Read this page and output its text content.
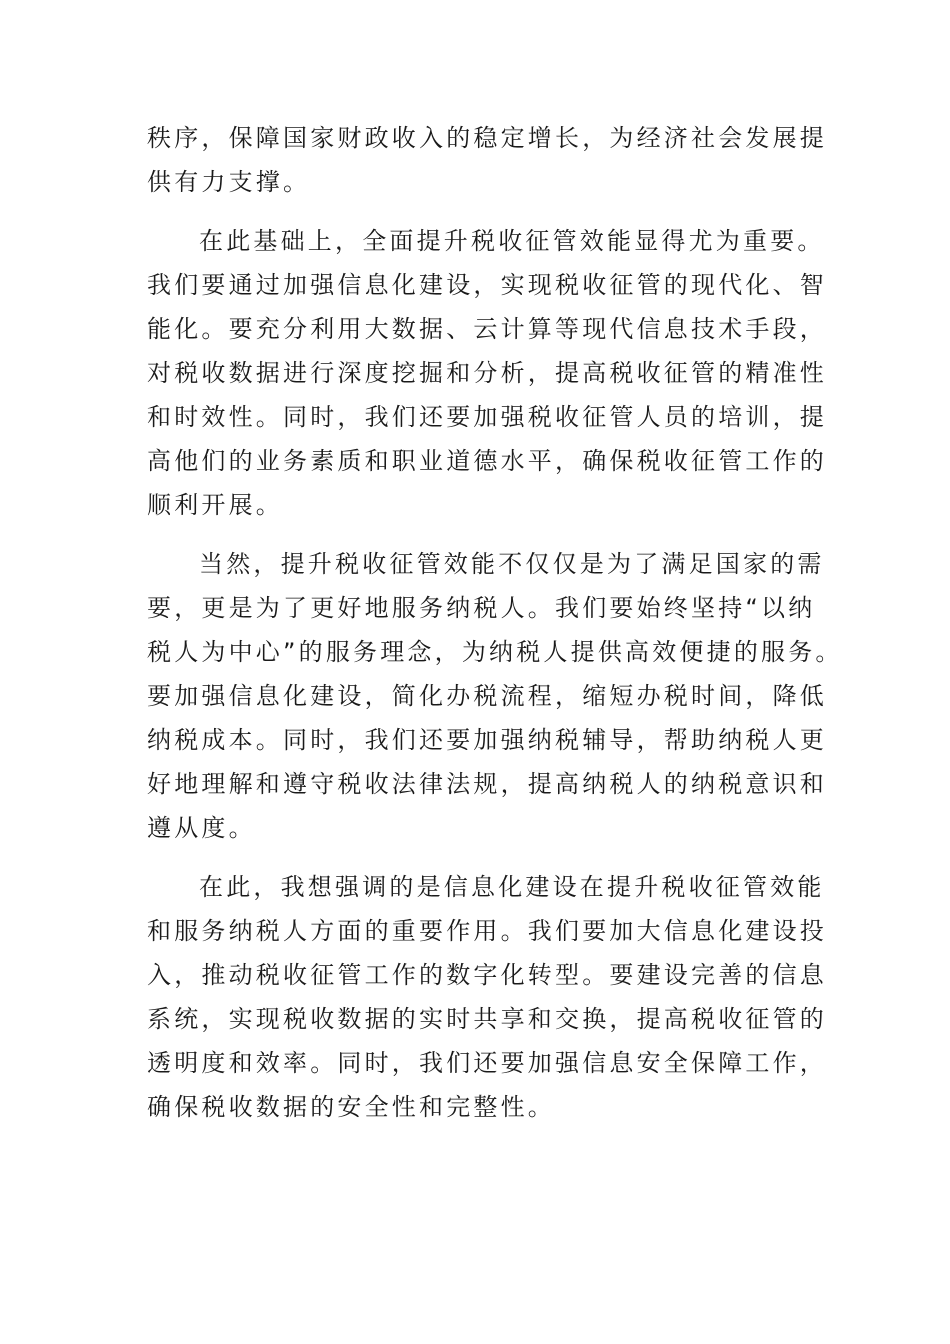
秩序，保障国家财政收入的稳定增长，为经济社会发展提
供有力支撑。
在此基础上，全面提升税收征管效能显得尤为重要。
我们要通过加强信息化建设，实现税收征管的现代化、智
能化。要充分利用大数据、云计算等现代信息技术手段，
对税收数据进行深度挖掘和分析，提高税收征管的精准性
和时效性。同时，我们还要加强税收征管人员的培训，提
高他们的业务素质和职业道德水平，确保税收征管工作的
顺利开展。
当然，提升税收征管效能不仅仅是为了满足国家的需
要，更是为了更好地服务纳税人。我们要始终坚持“以纳
税人为中心”的服务理念，为纳税人提供高效便捷的服务。
要加强信息化建设，简化办税流程，缩短办税时间，降低
纳税成本。同时，我们还要加强纳税辅导，帮助纳税人更
好地理解和遵守税收法律法规，提高纳税人的纳税意识和
遵从度。
在此，我想强调的是信息化建设在提升税收征管效能
和服务纳税人方面的重要作用。我们要加大信息化建设投
入，推动税收征管工作的数字化转型。要建设完善的信息
系统，实现税收数据的实时共享和交换，提高税收征管的
透明度和效率。同时，我们还要加强信息安全保障工作，
确保税收数据的安全性和完整性。
